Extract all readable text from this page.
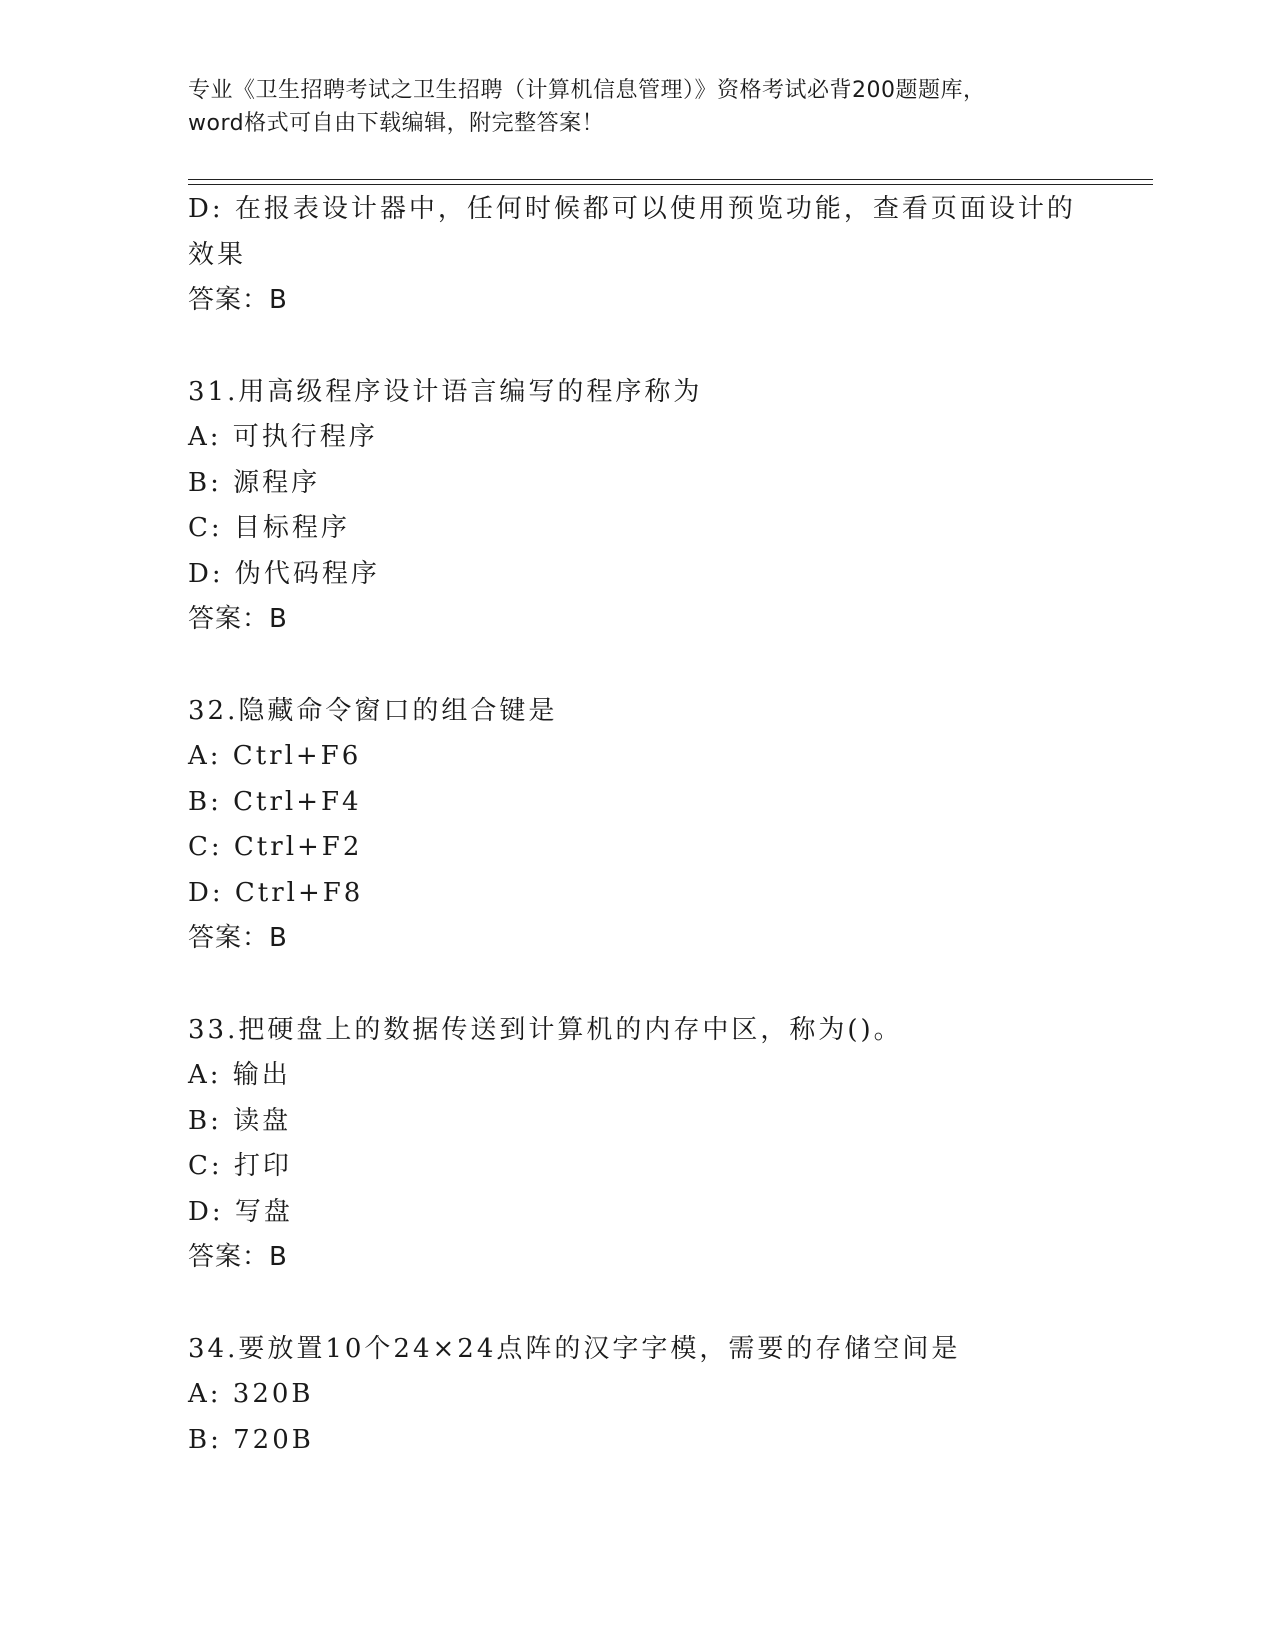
专业《卫生招聘考试之卫生招聘（计算机信息管理）》资格考试必背200题题库，
word格式可自由下载编辑，附完整答案！
D: 在报表设计器中，任何时候都可以使用预览功能，查看页面设计的
效果
答案：B
31.用高级程序设计语言编写的程序称为
A: 可执行程序
B: 源程序
C: 目标程序
D: 伪代码程序
答案：B
32.隐藏命令窗口的组合键是
A: Ctrl+F6
B: Ctrl+F4
C: Ctrl+F2
D: Ctrl+F8
答案：B
33.把硬盘上的数据传送到计算机的内存中区，称为()。
A: 输出
B: 读盘
C: 打印
D: 写盘
答案：B
34.要放置10个24×24点阵的汉字字模，需要的存储空间是
A: 320B
B: 720B
